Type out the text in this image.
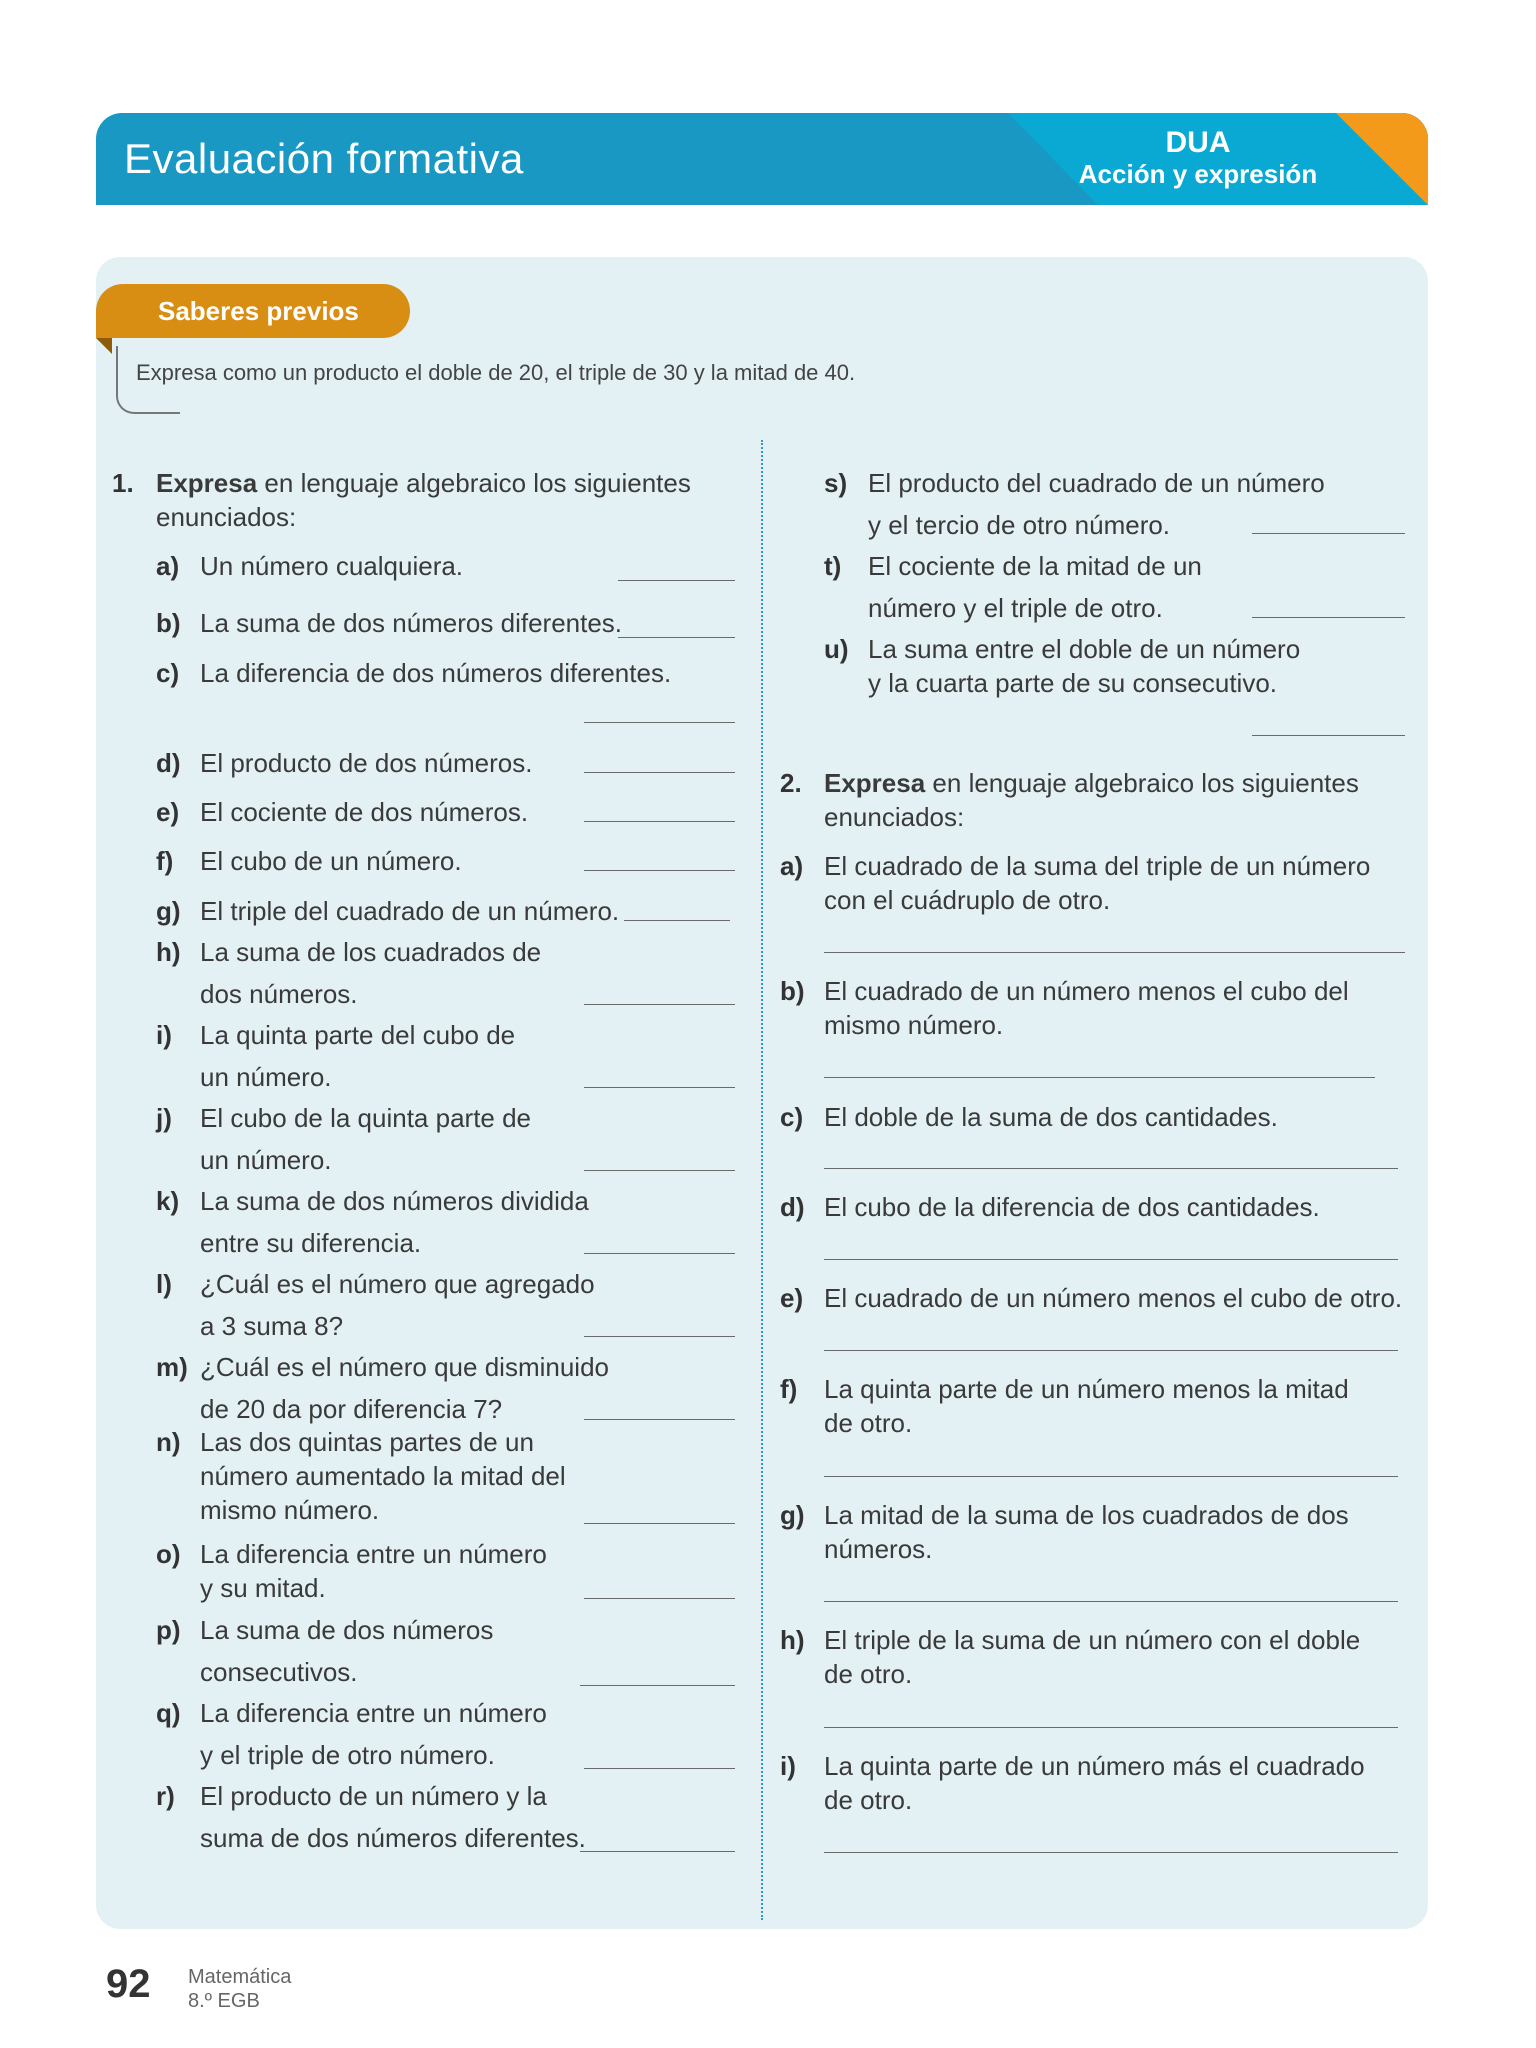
Evaluación formativa	DUA
Acción y expresión
Saberes previos
Expresa como un producto el doble de 20, el triple de 30 y la mitad de 40.
1. Expresa en lenguaje algebraico los siguientes
enunciados:
2. Expresa en lenguaje algebraico los siguientes
enunciados:
a) Un número cualquiera.
b) La suma de dos números diferentes.
c) La diferencia de dos números diferentes.
d) El producto de dos números.
e) El cociente de dos números.
f) El cubo de un número.
g) El triple del cuadrado de un número.
h) La suma de los cuadrados de
dos números.
i) La quinta parte del cubo de
un número.
j) El cubo de la quinta parte de
un número.
k) La suma de dos números dividida
entre su diferencia.
l) ¿Cuál es el número que agregado
a 3 suma 8?
m) ¿Cuál es el número que disminuido
de 20 da por diferencia 7?
n) Las dos quintas partes de un
número aumentado la mitad del
mismo número.
o) La diferencia entre un número
y su mitad.
p) La suma de dos números
consecutivos.
q) La diferencia entre un número
y el triple de otro número.
r) El producto de un número y la
suma de dos números diferentes.
s) El producto del cuadrado de un número
y el tercio de otro número.
t) El cociente de la mitad de un
número y el triple de otro.
u) La suma entre el doble de un número
y la cuarta parte de su consecutivo.
a) El cuadrado de la suma del triple de un número
con el cuádruplo de otro.
b) El cuadrado de un número menos el cubo del
mismo número.
c) El doble de la suma de dos cantidades.
d) El cubo de la diferencia de dos cantidades.
e) El cuadrado de un número menos el cubo de otro.
f) La quinta parte de un número menos la mitad
de otro.
g) La mitad de la suma de los cuadrados de dos
números.
h) El triple de la suma de un número con el doble
de otro.
i) La quinta parte de un número más el cuadrado
de otro.
92 Matemática
8.º EGB
